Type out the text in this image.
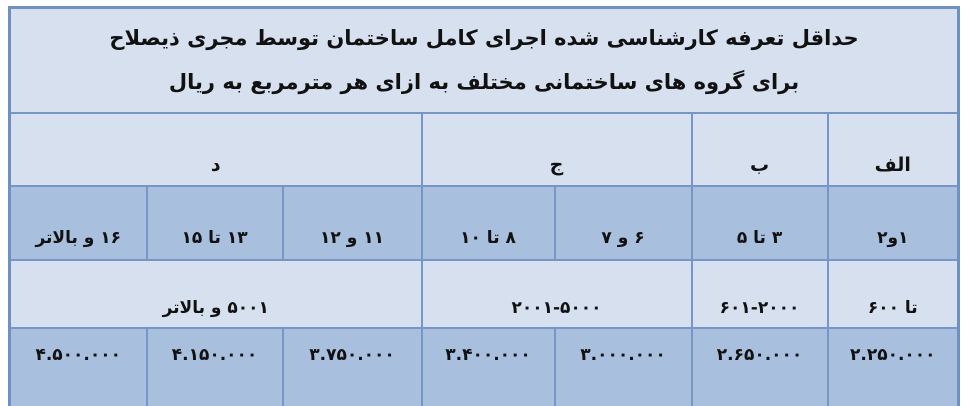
حداقل تعرفه کارشناسی شده اجرای کامل ساختمان توسط مجری ذیصلاح
برای گروه های ساختمانی مختلف به ازای هر مترمربع به ریال						

الف	ب	ج		د		
۱و۲	۳ تا ۵	۶ و ۷	۸ تا ۱۰	۱۱ و ۱۲	۱۳ تا ۱۵	۱۶ و بالاتر
تا ۶۰۰	۶۰۱-۲۰۰۰	۲۰۰۱-۵۰۰۰		۵۰۰۱ و بالاتر		
۲.۲۵۰.۰۰۰	۲.۶۵۰.۰۰۰	۳.۰۰۰.۰۰۰	۳.۴۰۰.۰۰۰	۳.۷۵۰.۰۰۰	۴.۱۵۰.۰۰۰	۴.۵۰۰.۰۰۰
